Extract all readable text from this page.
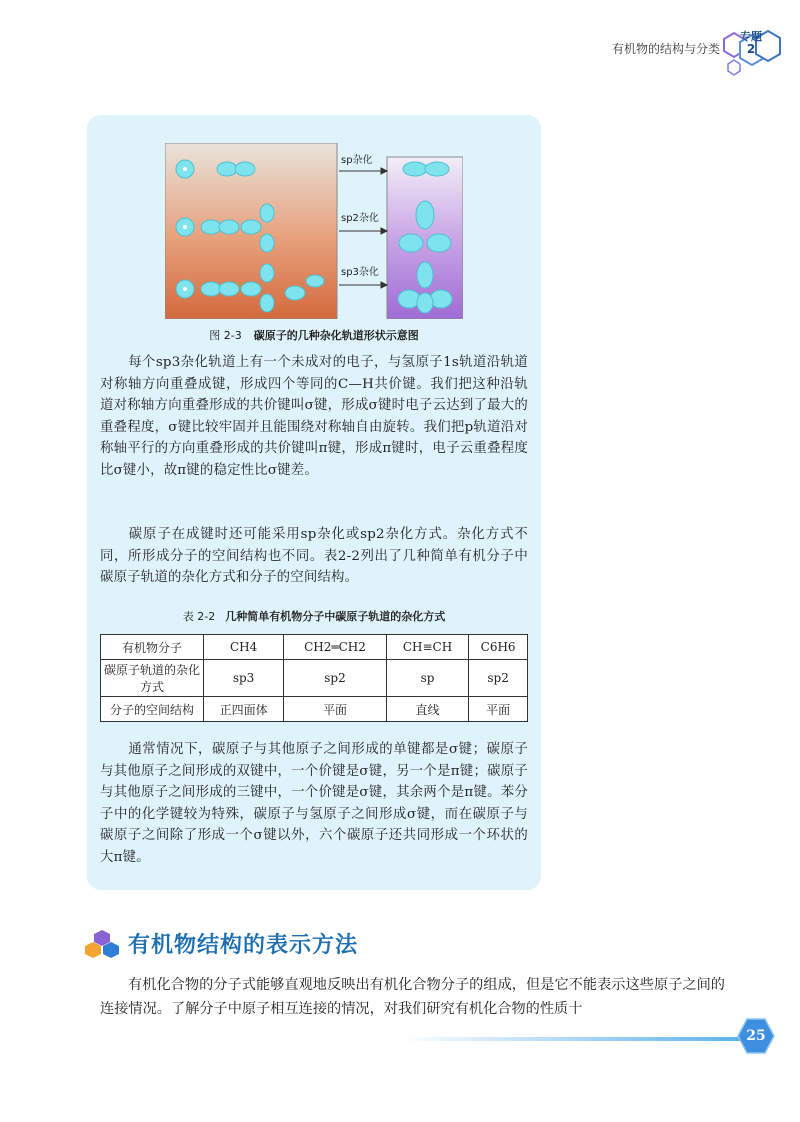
有机物的结构与分类
专题
2
sp杂化
sp2杂化
sp3杂化
图 2-3 碳原子的几种杂化轨道形状示意图
每个sp3杂化轨道上有一个未成对的电子，与氢原子1s轨道沿轨道对称轴方向重叠成键，形成四个等同的C—H共价键。我们把这种沿轨道对称轴方向重叠形成的共价键叫σ键，形成σ键时电子云达到了最大的重叠程度，σ键比较牢固并且能围绕对称轴自由旋转。我们把p轨道沿对称轴平行的方向重叠形成的共价键叫π键，形成π键时，电子云重叠程度比σ键小，故π键的稳定性比σ键差。
碳原子在成键时还可能采用sp杂化或sp2杂化方式。杂化方式不同，所形成分子的空间结构也不同。表2-2列出了几种简单有机分子中碳原子轨道的杂化方式和分子的空间结构。
表 2-2 几种简单有机物分子中碳原子轨道的杂化方式
有机物分子	CH4	CH2═CH2	CH≡CH	C6H6
碳原子轨道的杂化方式	sp3	sp2	sp	sp2
分子的空间结构	正四面体	平面	直线	平面
通常情况下，碳原子与其他原子之间形成的单键都是σ键；碳原子与其他原子之间形成的双键中，一个价键是σ键，另一个是π键；碳原子与其他原子之间形成的三键中，一个价键是σ键，其余两个是π键。苯分子中的化学键较为特殊，碳原子与氢原子之间形成σ键，而在碳原子与碳原子之间除了形成一个σ键以外，六个碳原子还共同形成一个环状的大π键。
有机物结构的表示方法
有机化合物的分子式能够直观地反映出有机化合物分子的组成，但是它不能表示这些原子之间的连接情况。了解分子中原子相互连接的情况，对我们研究有机化合物的性质十
25
